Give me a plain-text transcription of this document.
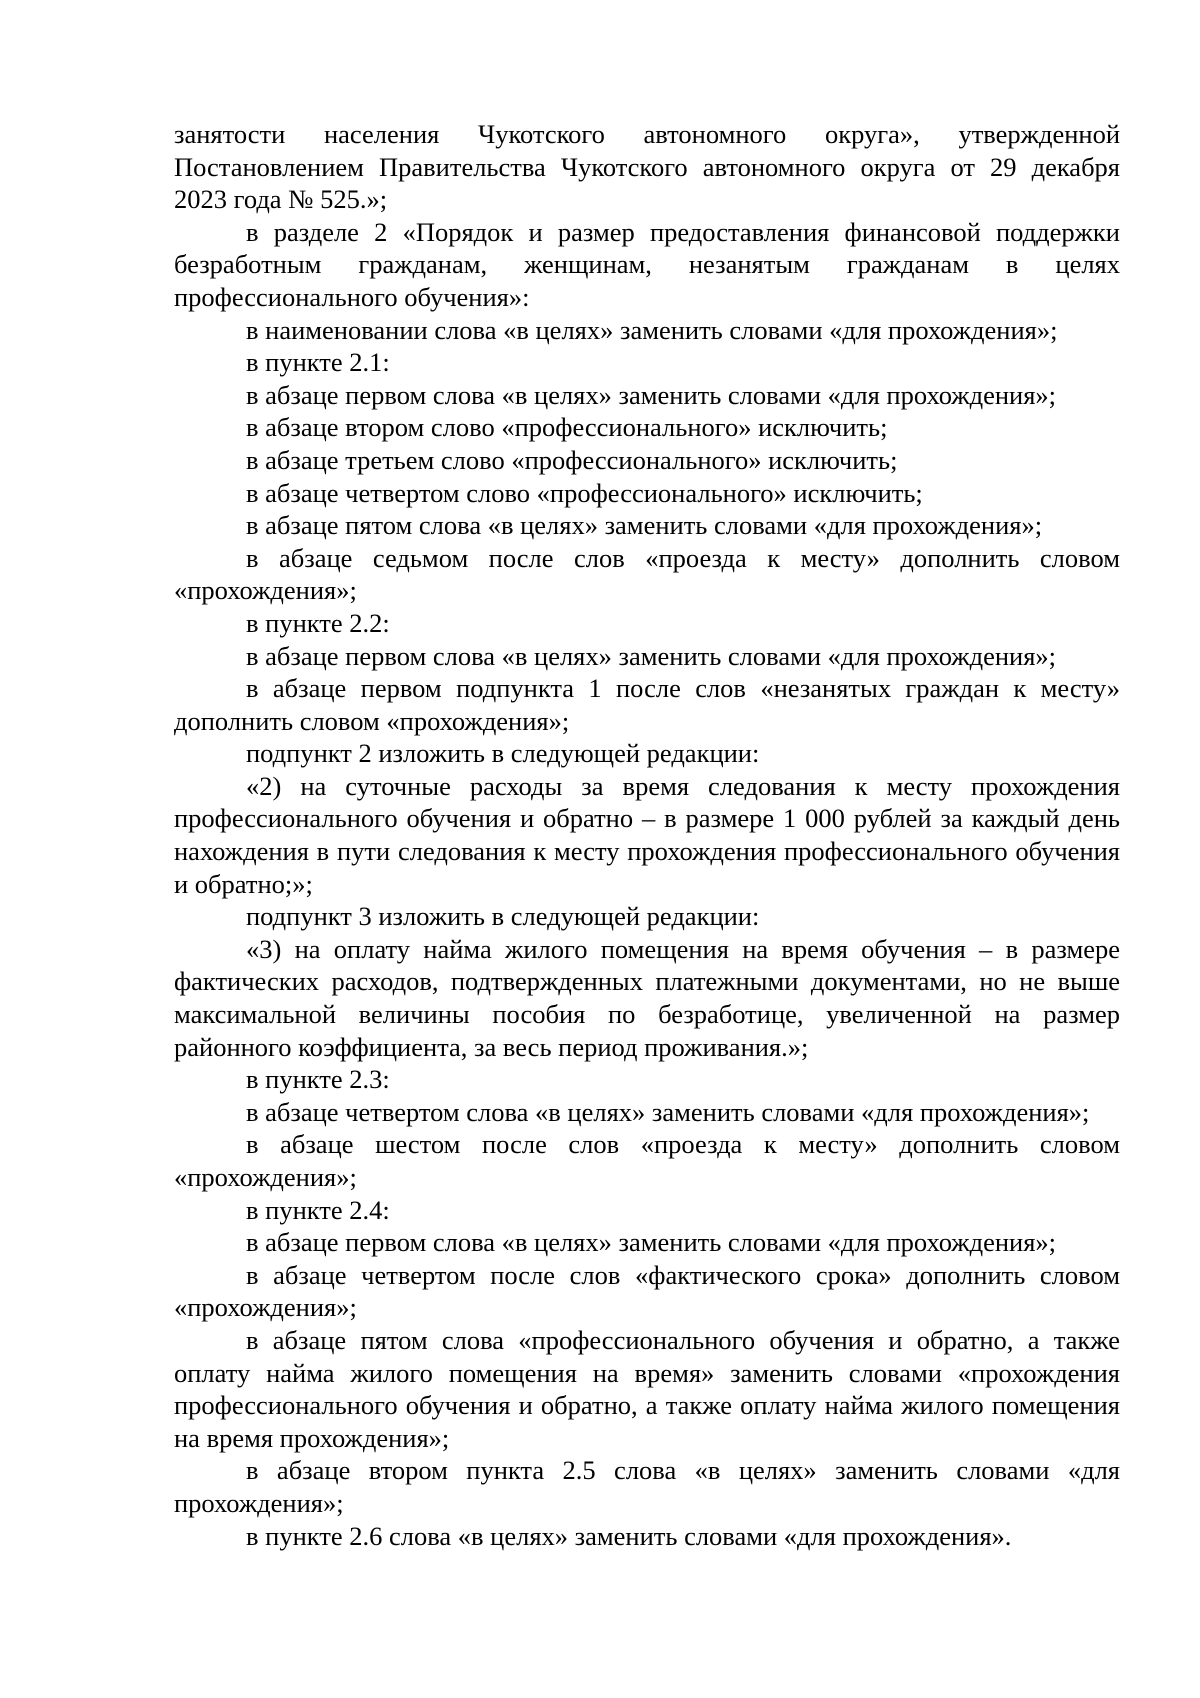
занятости населения Чукотского автономного округа», утвержденной Постановлением Правительства Чукотского автономного округа от 29 декабря 2023 года № 525.»;

в разделе 2 «Порядок и размер предоставления финансовой поддержки безработным гражданам, женщинам, незанятым гражданам в целях профессионального обучения»:

в наименовании слова «в целях» заменить словами «для прохождения»;

в пункте 2.1:

в абзаце первом слова «в целях» заменить словами «для прохождения»;

в абзаце втором слово «профессионального» исключить;

в абзаце третьем слово «профессионального» исключить;

в абзаце четвертом слово «профессионального» исключить;

в абзаце пятом слова «в целях» заменить словами «для прохождения»;

в абзаце седьмом после слов «проезда к месту» дополнить словом «прохождения»;

в пункте 2.2:

в абзаце первом слова «в целях» заменить словами «для прохождения»;

в абзаце первом подпункта 1 после слов «незанятых граждан к месту» дополнить словом «прохождения»;

подпункт 2 изложить в следующей редакции:

«2) на суточные расходы за время следования к месту прохождения профессионального обучения и обратно – в размере 1 000 рублей за каждый день нахождения в пути следования к месту прохождения профессионального обучения и обратно;»;

подпункт 3 изложить в следующей редакции:

«3) на оплату найма жилого помещения на время обучения – в размере фактических расходов, подтвержденных платежными документами, но не выше максимальной величины пособия по безработице, увеличенной на размер районного коэффициента, за весь период проживания.»;

в пункте 2.3:

в абзаце четвертом слова «в целях» заменить словами «для прохождения»;

в абзаце шестом после слов «проезда к месту» дополнить словом «прохождения»;

в пункте 2.4:

в абзаце первом слова «в целях» заменить словами «для прохождения»;

в абзаце четвертом после слов «фактического срока» дополнить словом «прохождения»;

в абзаце пятом слова «профессионального обучения и обратно, а также оплату найма жилого помещения на время» заменить словами «прохождения профессионального обучения и обратно, а также оплату найма жилого помещения на время прохождения»;

в абзаце втором пункта 2.5 слова «в целях» заменить словами «для прохождения»;

в пункте 2.6 слова «в целях» заменить словами «для прохождения».
